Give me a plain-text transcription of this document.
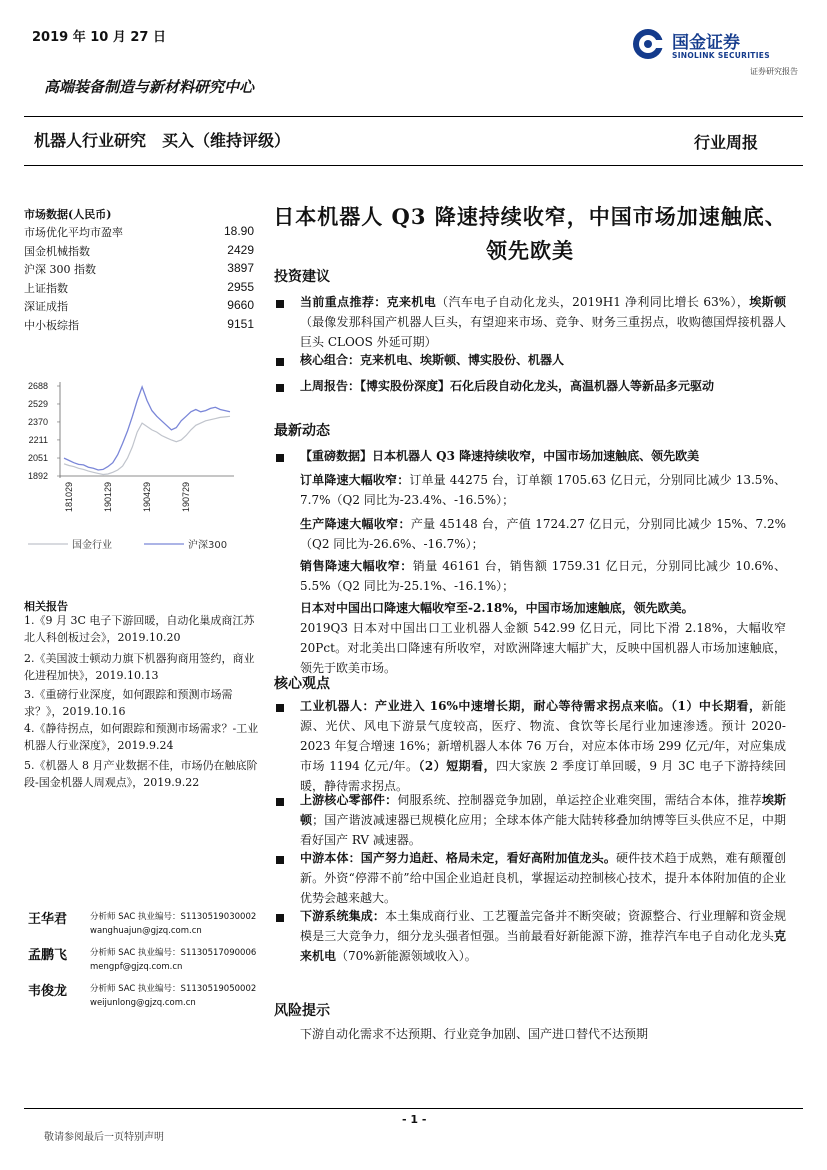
2019 年 10 月 27 日	国金证券
SINOLINK SECURITIES
证券研究报告
高端装备制造与新材料研究中心
机器人行业研究　买入（维持评级）	行业周报
市场数据(人民币)
市场优化平均市盈率	18.90
国金机械指数	2429
沪深 300 指数	3897
上证指数	2955
深证成指	9660
中小板综指	9151
1892
2051
2211
2370
2529
2688
181029	190129	190429	190729
国金行业	沪深300
相关报告
1.《9 月 3C 电子下游回暖，自动化巢成商江苏北人科创板过会》，2019.10.20
2.《美国波士顿动力旗下机器狗商用签约，商业化进程加快》，2019.10.13
3.《重磅行业深度，如何跟踪和预测市场需求？》，2019.10.16
4.《静待拐点，如何跟踪和预测市场需求？-工业机器人行业深度》，2019.9.24
5.《机器人 8 月产业数据不佳，市场仍在触底阶段-国金机器人周观点》，2019.9.22
王华君	分析师 SAC 执业编号：S1130519030002
wanghuajun@gjzq.com.cn
孟鹏飞	分析师 SAC 执业编号：S1130517090006
mengpf@gjzq.com.cn
韦俊龙	分析师 SAC 执业编号：S1130519050002
weijunlong@gjzq.com.cn
日本机器人 Q3 降速持续收窄，中国市场加速触底、领先欧美
投资建议
当前重点推荐：克来机电（汽车电子自动化龙头，2019H1 净利同比增长 63%），埃斯顿（最像发那科国产机器人巨头，有望迎来市场、竞争、财务三重拐点，收购德国焊接机器人巨头 CLOOS 外延可期）
核心组合：克来机电、埃斯顿、博实股份、机器人
上周报告：【博实股份深度】石化后段自动化龙头，高温机器人等新品多元驱动
最新动态
【重磅数据】日本机器人 Q3 降速持续收窄，中国市场加速触底、领先欧美
订单降速大幅收窄：订单量 44275 台，订单额 1705.63 亿日元，分别同比减少 13.5%、7.7%（Q2 同比为-23.4%、-16.5%）；
生产降速大幅收窄：产量 45148 台，产值 1724.27 亿日元，分别同比减少 15%、7.2%（Q2 同比为-26.6%、-16.7%）；
销售降速大幅收窄：销量 46161 台，销售额 1759.31 亿日元，分别同比减少 10.6%、5.5%（Q2 同比为-25.1%、-16.1%）；
日本对中国出口降速大幅收窄至-2.18%，中国市场加速触底，领先欧美。
2019Q3 日本对中国出口工业机器人金额 542.99 亿日元，同比下滑 2.18%，大幅收窄 20Pct。对北美出口降速有所收窄，对欧洲降速大幅扩大，反映中国机器人市场加速触底，领先于欧美市场。
核心观点
工业机器人：产业进入 16%中速增长期，耐心等待需求拐点来临。（1）中长期看，新能源、光伏、风电下游景气度较高，医疗、物流、食饮等长尾行业加速渗透。预计 2020-2023 年复合增速 16%；新增机器人本体 76 万台，对应本体市场 299 亿元/年，对应集成市场 1194 亿元/年。（2）短期看，四大家族 2 季度订单回暖，9 月 3C 电子下游持续回暖，静待需求拐点。
上游核心零部件：伺服系统、控制器竞争加剧，单运控企业难突围，需结合本体，推荐埃斯顿；国产谐波减速器已规模化应用；全球本体产能大陆转移叠加纳博等巨头供应不足，中期看好国产 RV 减速器。
中游本体：国产努力追赶、格局未定，看好高附加值龙头。硬件技术趋于成熟，难有颠覆创新。外资“停滞不前”给中国企业追赶良机，掌握运动控制核心技术，提升本体附加值的企业优势会越来越大。
下游系统集成：本土集成商行业、工艺覆盖完备并不断突破；资源整合、行业理解和资金规模是三大竞争力，细分龙头强者恒强。当前最看好新能源下游，推荐汽车电子自动化龙头克来机电（70%新能源领域收入）。
风险提示
下游自动化需求不达预期、行业竞争加剧、国产进口替代不达预期
- 1 -
敬请参阅最后一页特别声明
